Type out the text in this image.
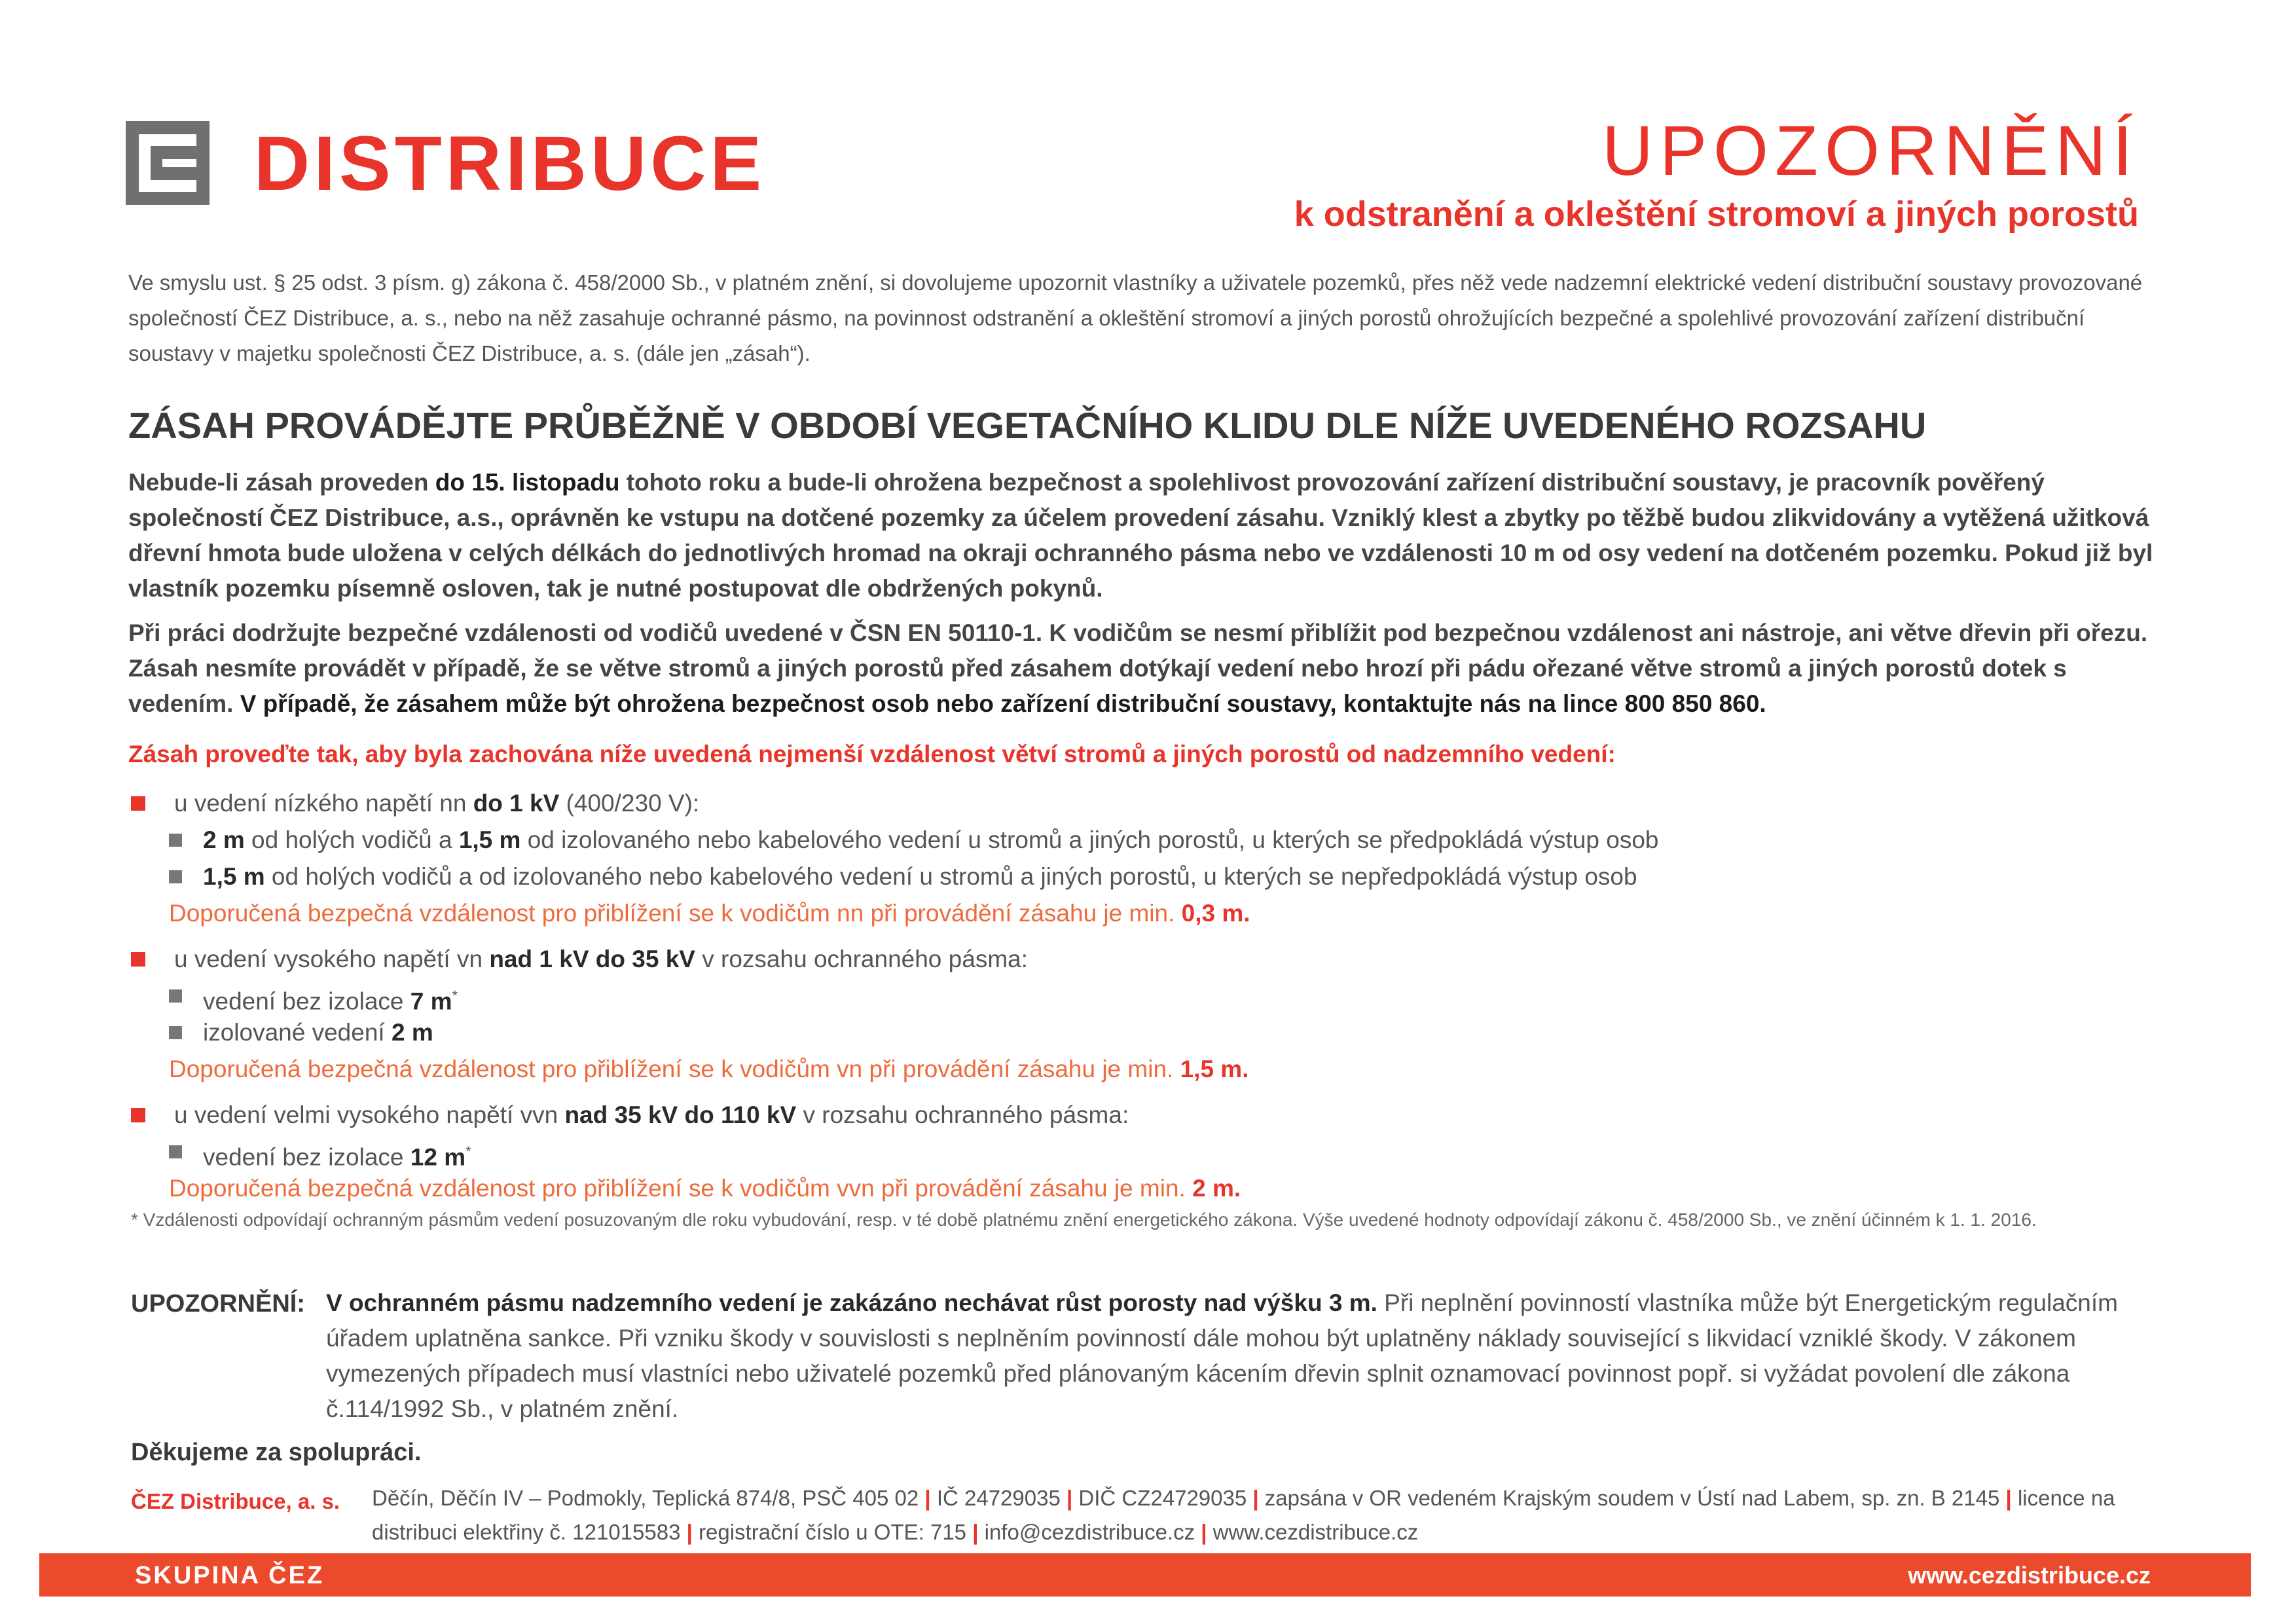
DISTRIBUCE	UPOZORNĚNÍ
k odstranění a okleštění stromoví a jiných porostů
Ve smyslu ust. § 25 odst. 3 písm. g) zákona č. 458/2000 Sb., v platném znění, si dovolujeme upozornit vlastníky a uživatele pozemků, přes něž vede nadzemní elektrické vedení distribuční soustavy provozované společností ČEZ Distribuce, a. s., nebo na něž zasahuje ochranné pásmo, na povinnost odstranění a okleštění stromoví a jiných porostů ohrožujících bezpečné a spolehlivé provozování zařízení distribuční soustavy v majetku společnosti ČEZ Distribuce, a. s. (dále jen „zásah“).
ZÁSAH PROVÁDĚJTE PRŮBĚŽNĚ V OBDOBÍ VEGETAČNÍHO KLIDU DLE NÍŽE UVEDENÉHO ROZSAHU
Nebude-li zásah proveden do 15. listopadu tohoto roku a bude-li ohrožena bezpečnost a spolehlivost provozování zařízení distribuční soustavy, je pracovník pověřený společností ČEZ Distribuce, a.s., oprávněn ke vstupu na dotčené pozemky za účelem provedení zásahu. Vzniklý klest a zbytky po těžbě budou zlikvidovány a vytěžená užitková dřevní hmota bude uložena v celých délkách do jednotlivých hromad na okraji ochranného pásma nebo ve vzdálenosti 10 m od osy vedení na dotčeném pozemku. Pokud již byl vlastník pozemku písemně osloven, tak je nutné postupovat dle obdržených pokynů.
Při práci dodržujte bezpečné vzdálenosti od vodičů uvedené v ČSN EN 50110-1. K vodičům se nesmí přiblížit pod bezpečnou vzdálenost ani nástroje, ani větve dřevin při ořezu. Zásah nesmíte provádět v případě, že se větve stromů a jiných porostů před zásahem dotýkají vedení nebo hrozí při pádu ořezané větve stromů a jiných porostů dotek s vedením. V případě, že zásahem může být ohrožena bezpečnost osob nebo zařízení distribuční soustavy, kontaktujte nás na lince 800 850 860.
Zásah proveďte tak, aby byla zachována níže uvedená nejmenší vzdálenost větví stromů a jiných porostů od nadzemního vedení:
u vedení nízkého napětí nn do 1 kV (400/230 V):
2 m od holých vodičů a 1,5 m od izolovaného nebo kabelového vedení u stromů a jiných porostů, u kterých se předpokládá výstup osob
1,5 m od holých vodičů a od izolovaného nebo kabelového vedení u stromů a jiných porostů, u kterých se nepředpokládá výstup osob
Doporučená bezpečná vzdálenost pro přiblížení se k vodičům nn při provádění zásahu je min. 0,3 m.
u vedení vysokého napětí vn nad 1 kV do 35 kV v rozsahu ochranného pásma:
vedení bez izolace 7 m*
izolované vedení 2 m
Doporučená bezpečná vzdálenost pro přiblížení se k vodičům vn při provádění zásahu je min. 1,5 m.
u vedení velmi vysokého napětí vvn nad 35 kV do 110 kV v rozsahu ochranného pásma:
vedení bez izolace 12 m*
Doporučená bezpečná vzdálenost pro přiblížení se k vodičům vvn při provádění zásahu je min. 2 m.
* Vzdálenosti odpovídají ochranným pásmům vedení posuzovaným dle roku vybudování, resp. v té době platnému znění energetického zákona. Výše uvedené hodnoty odpovídají zákonu č. 458/2000 Sb., ve znění účinném k 1. 1. 2016.
UPOZORNĚNÍ: V ochranném pásmu nadzemního vedení je zakázáno nechávat růst porosty nad výšku 3 m. Při neplnění povinností vlastníka může být Energetickým regulačním úřadem uplatněna sankce. Při vzniku škody v souvislosti s neplněním povinností dále mohou být uplatněny náklady související s likvidací vzniklé škody. V zákonem vymezených případech musí vlastníci nebo uživatelé pozemků před plánovaným kácením dřevin splnit oznamovací povinnost popř. si vyžádat povolení dle zákona č.114/1992 Sb., v platném znění.
Děkujeme za spolupráci.
ČEZ Distribuce, a. s. Děčín, Děčín IV – Podmokly, Teplická 874/8, PSČ 405 02 | IČ 24729035 | DIČ CZ24729035 | zapsána v OR vedeném Krajským soudem v Ústí nad Labem, sp. zn. B 2145 | licence na distribuci elektřiny č. 121015583 | registrační číslo u OTE: 715 | info@cezdistribuce.cz | www.cezdistribuce.cz
SKUPINA ČEZ	www.cezdistribuce.cz
